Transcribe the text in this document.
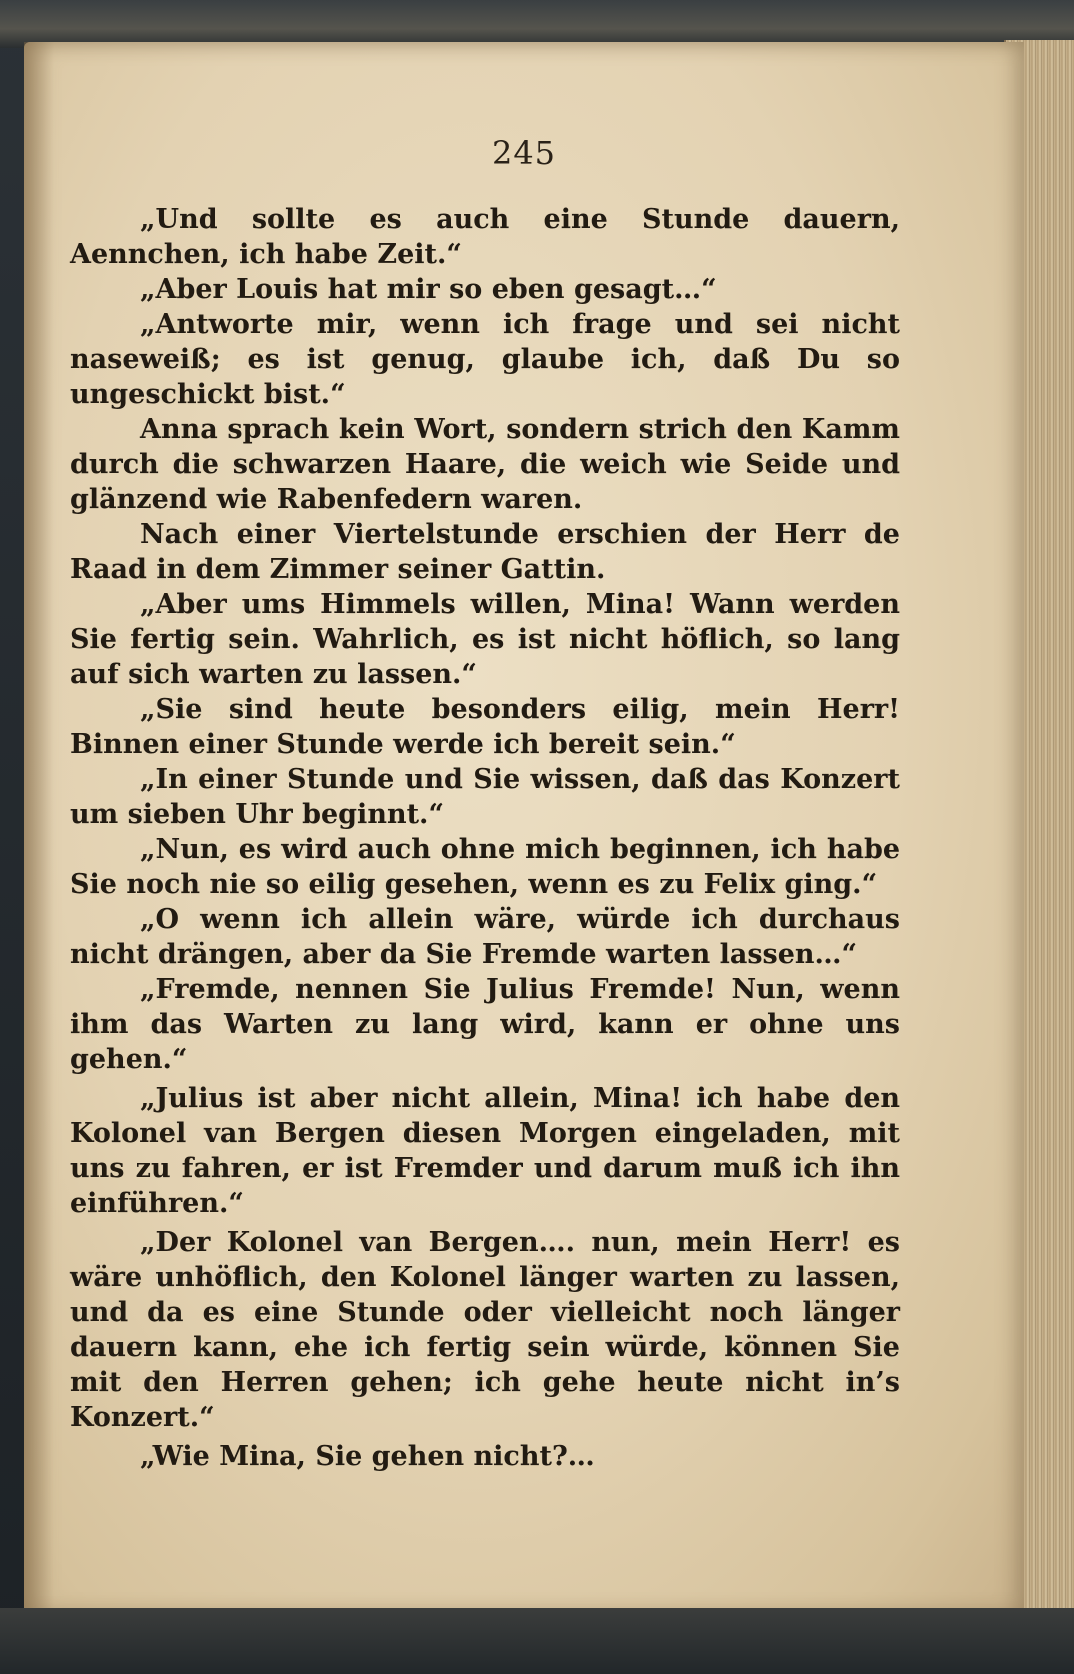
245

„Und sollte es auch eine Stunde dauern, Aennchen, ich habe Zeit.“

„Aber Louis hat mir so eben gesagt…“

„Antworte mir, wenn ich frage und sei nicht naseweiß; es ist genug, glaube ich, daß Du so ungeschickt bist.“

Anna sprach kein Wort, sondern strich den Kamm durch die schwarzen Haare, die weich wie Seide und glänzend wie Rabenfedern waren.

Nach einer Viertelstunde erschien der Herr de Raad in dem Zimmer seiner Gattin.

„Aber ums Himmels willen, Mina! Wann werden Sie fertig sein. Wahrlich, es ist nicht höflich, so lang auf sich warten zu lassen.“

„Sie sind heute besonders eilig, mein Herr! Binnen einer Stunde werde ich bereit sein.“

„In einer Stunde und Sie wissen, daß das Konzert um sieben Uhr beginnt.“

„Nun, es wird auch ohne mich beginnen, ich habe Sie noch nie so eilig gesehen, wenn es zu Felix ging.“

„O wenn ich allein wäre, würde ich durchaus nicht drängen, aber da Sie Fremde warten lassen…“

„Fremde, nennen Sie Julius Fremde! Nun, wenn ihm das Warten zu lang wird, kann er ohne uns gehen.“

„Julius ist aber nicht allein, Mina! ich habe den Kolonel van Bergen diesen Morgen eingeladen, mit uns zu fahren, er ist Fremder und darum muß ich ihn einführen.“

„Der Kolonel van Bergen…. nun, mein Herr! es wäre unhöflich, den Kolonel länger warten zu lassen, und da es eine Stunde oder vielleicht noch länger dauern kann, ehe ich fertig sein würde, können Sie mit den Herren gehen; ich gehe heute nicht in’s Konzert.“

„Wie Mina, Sie gehen nicht?…
